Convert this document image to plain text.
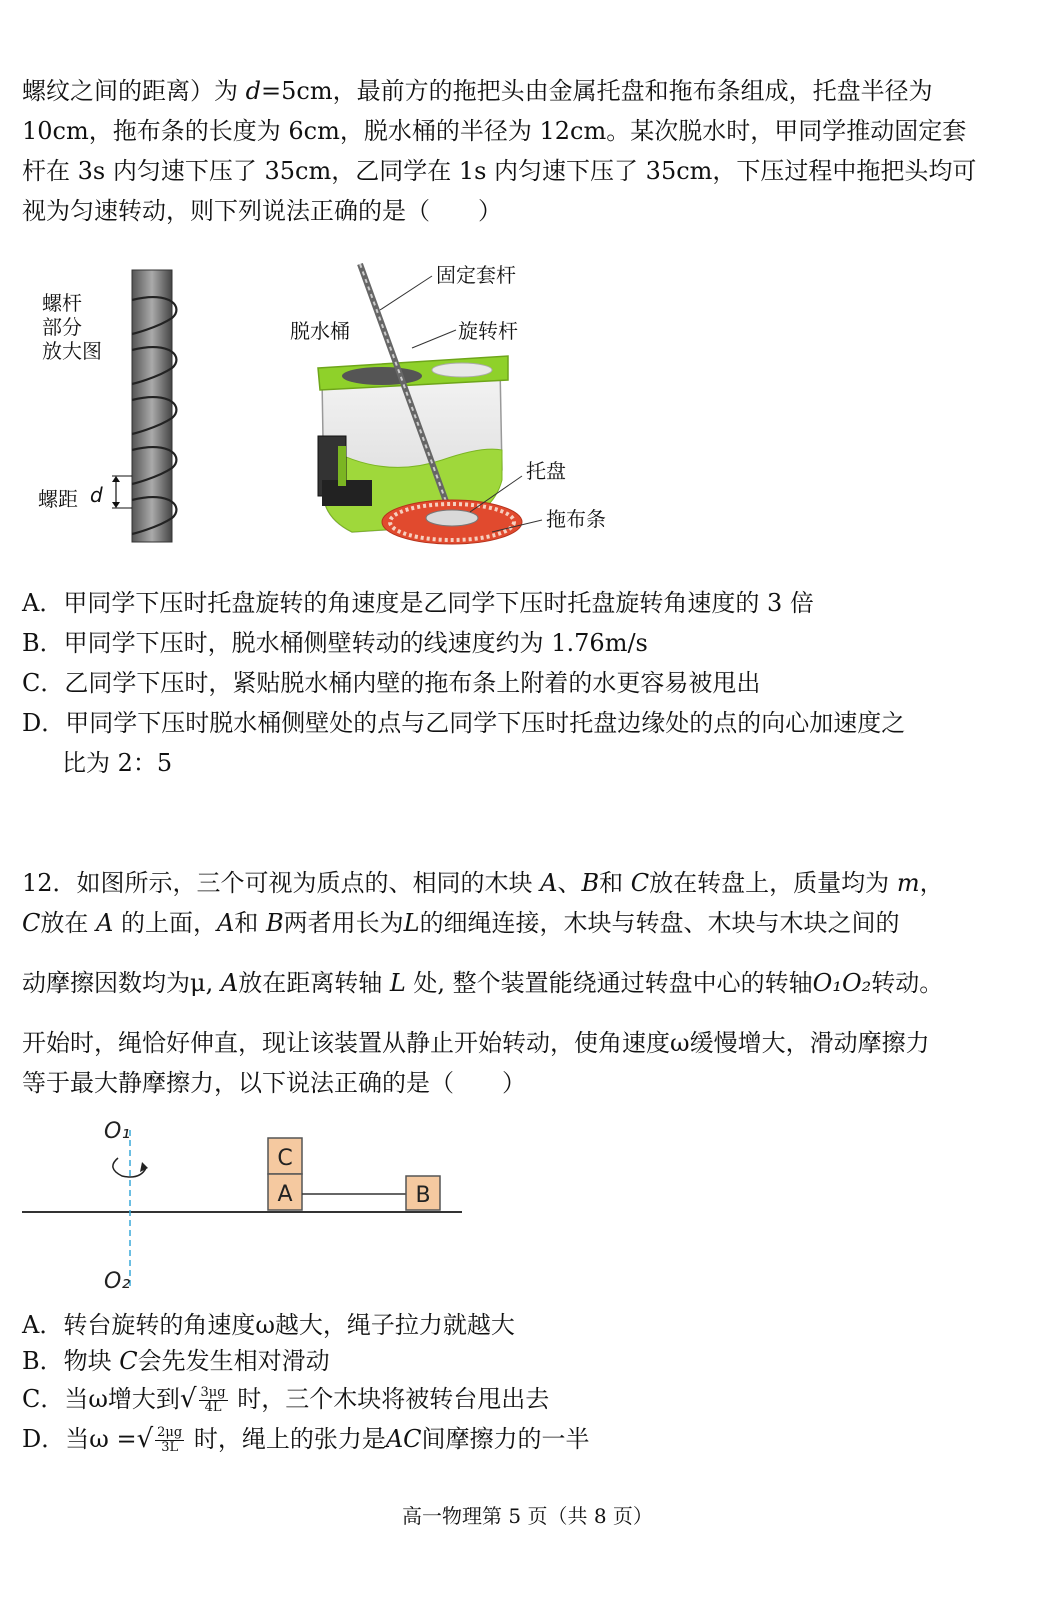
螺纹之间的距离）为 d=5cm，最前方的拖把头由金属托盘和拖布条组成，托盘半径为
10cm，拖布条的长度为 6cm，脱水桶的半径为 12cm。某次脱水时，甲同学推动固定套
杆在 3s 内匀速下压了 35cm，乙同学在 1s 内匀速下压了 35cm，下压过程中拖把头均可
视为匀速转动，则下列说法正确的是（　　）
螺杆
部分
放大图
螺距 d
固定套杆
脱水桶	旋转杆
托盘
拖布条
A．甲同学下压时托盘旋转的角速度是乙同学下压时托盘旋转角速度的 3 倍
B．甲同学下压时，脱水桶侧壁转动的线速度约为 1.76m/s
C．乙同学下压时，紧贴脱水桶内壁的拖布条上附着的水更容易被甩出
D．甲同学下压时脱水桶侧壁处的点与乙同学下压时托盘边缘处的点的向心加速度之
比为 2：5
12．如图所示，三个可视为质点的、相同的木块 A、B和 C放在转盘上，质量均为 m，
C放在 A 的上面，A和 B两者用长为L的细绳连接，木块与转盘、木块与木块之间的
动摩擦因数均为μ, A放在距离转轴 L 处, 整个装置能绕通过转盘中心的转轴O₁O₂转动。
开始时，绳恰好伸直，现让该装置从静止开始转动，使角速度ω缓慢增大，滑动摩擦力
等于最大静摩擦力，以下说法正确的是（　　）
O₁
O₂
C
A	B
A．转台旋转的角速度ω越大，绳子拉力就越大
B．物块 C会先发生相对滑动
C．当ω增大到√ $\frac{3\mu g}{4L}$ 时，三个木块将被转台甩出去
D．当ω =√ $\frac{2\mu g}{3L}$ 时，绳上的张力是AC间摩擦力的一半
高一物理第 5 页（共 8 页）
